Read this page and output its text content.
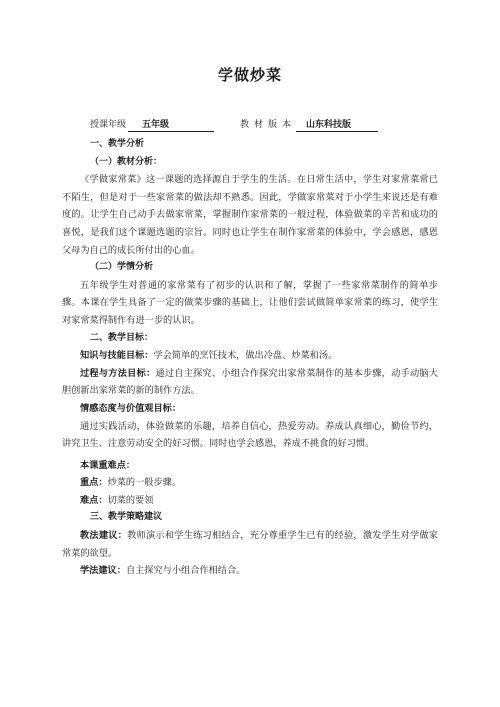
学做炒菜
授课年级 五年级	教材版本 山东科技版

一、教学分析

（一）教材分析：

《学做家常菜》这一课题的选择源自于学生的生活。在日常生活中，学生对家常菜常已不陌生，但是对于一些家常菜的做法却不熟悉。因此，学做家常菜对于小学生来说还是有难度的。让学生自己动手去做家常菜，掌握制作家常菜的一般过程，体验做菜的辛苦和成功的喜悦，是我们这个课题选题的宗旨。同时也让学生在制作家常菜的体验中，学会感恩，感恩父母为自己的成长所付出的心血。

（二）学情分析

五年级学生对普通的家常菜有了初步的认识和了解，掌握了一些家常菜制作的简单步骤。本课在学生具备了一定的做菜步骤的基础上，让他们尝试做简单家常菜的练习，使学生对家常菜得制作有进一步的认识。

二、教学目标：

知识与技能目标：学会简单的烹饪技术，做出冷盘、炒菜和汤。

过程与方法目标：通过自主探究、小组合作探究出家常菜制作的基本步骤，动手动脑大胆创新出家常菜的新的制作方法。

情感态度与价值观目标：

通过实践活动，体验做菜的乐趣，培养自信心，热爱劳动。养成认真细心，勤俭节约，讲究卫生、注意劳动安全的好习惯。同时也学会感恩，养成不挑食的好习惯。

本课重难点：

重点：炒菜的一般步骤。

难点：切菜的要领

三、教学策略建议

教法建议：教师演示和学生练习相结合，充分尊重学生已有的经验，激发学生对学做家常菜的欲望。

学法建议：自主探究与小组合作相结合。
